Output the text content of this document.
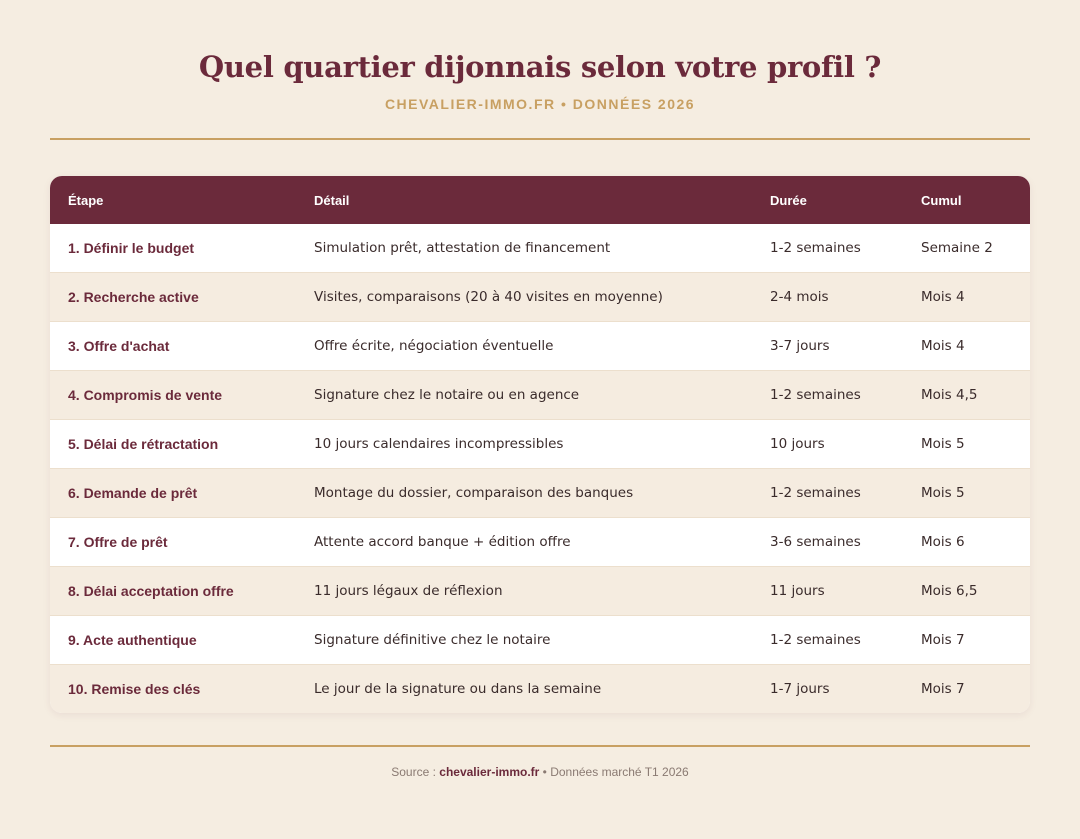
Quel quartier dijonnais selon votre profil ?
CHEVALIER-IMMO.FR • DONNÉES 2026
Étape	Détail	Durée	Cumul
1. Définir le budget	Simulation prêt, attestation de financement	1-2 semaines	Semaine 2
2. Recherche active	Visites, comparaisons (20 à 40 visites en moyenne)	2-4 mois	Mois 4
3. Offre d'achat	Offre écrite, négociation éventuelle	3-7 jours	Mois 4
4. Compromis de vente	Signature chez le notaire ou en agence	1-2 semaines	Mois 4,5
5. Délai de rétractation	10 jours calendaires incompressibles	10 jours	Mois 5
6. Demande de prêt	Montage du dossier, comparaison des banques	1-2 semaines	Mois 5
7. Offre de prêt	Attente accord banque + édition offre	3-6 semaines	Mois 6
8. Délai acceptation offre	11 jours légaux de réflexion	11 jours	Mois 6,5
9. Acte authentique	Signature définitive chez le notaire	1-2 semaines	Mois 7
10. Remise des clés	Le jour de la signature ou dans la semaine	1-7 jours	Mois 7
Source : chevalier-immo.fr • Données marché T1 2026
